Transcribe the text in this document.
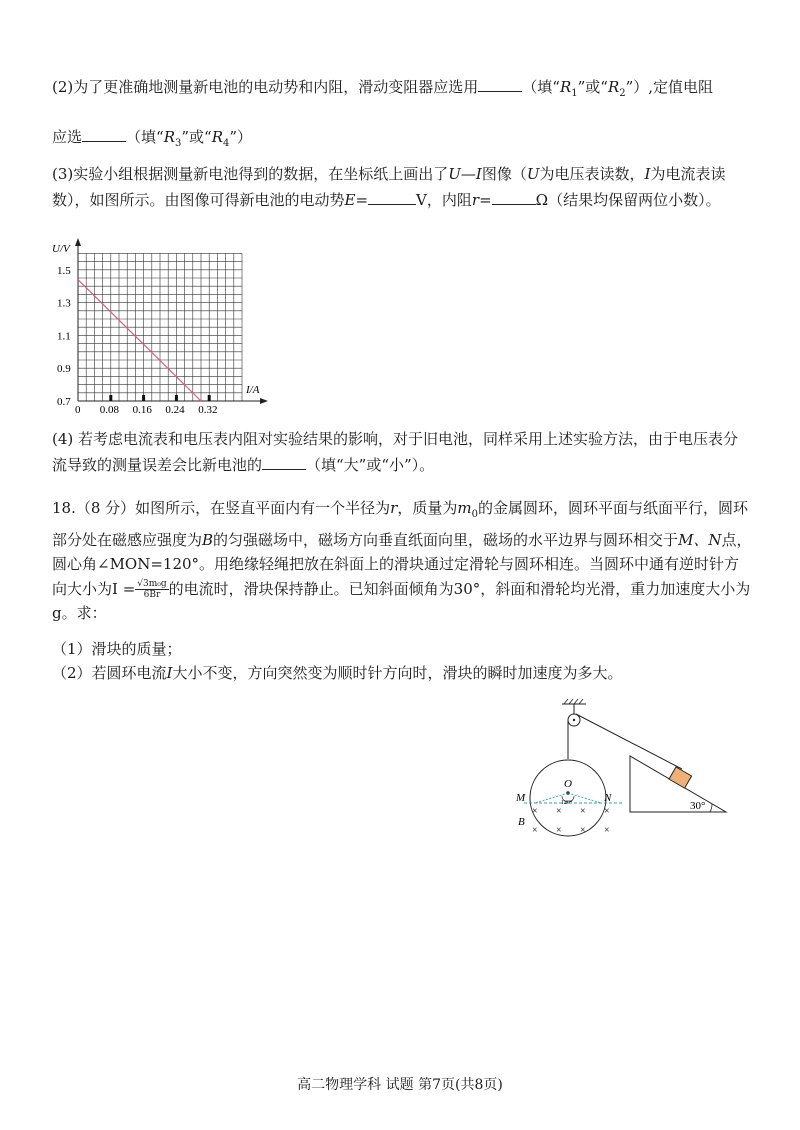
(2)为了更准确地测量新电池的电动势和内阻，滑动变阻器应选用	（填“$R_1$”或“$R_2$”）,定值电阻
应选	（填“$R_3$”或“$R_4$”）
(3)实验小组根据测量新电池得到的数据，在坐标纸上画出了U—I图像（U为电压表读数，I为电流表读数），如图所示。由图像可得新电池的电动势E=	V，内阻r=	Ω（结果均保留两位小数）。
U/V
I/A
1.5
1.3
1.1
0.9
0.7
0 0.08 0.16 0.24 0.32
(4) 若考虑电流表和电压表内阻对实验结果的影响，对于旧电池，同样采用上述实验方法，由于电压表分流导致的测量误差会比新电池的	（填“大”或“小”）。
18.（8 分）如图所示，在竖直平面内有一个半径为r，质量为$m_0$的金属圆环，圆环平面与纸面平行，圆环部分处在磁感应强度为B的匀强磁场中，磁场方向垂直纸面向里，磁场的水平边界与圆环相交于M、N点，圆心角∠MON=120°。用绝缘轻绳把放在斜面上的滑块通过定滑轮与圆环相连。当圆环中通有逆时针方向大小为$I = \frac{\text{√3m₀g}}{6Br}$ 的电流时，滑块保持静止。已知斜面倾角为30°，斜面和滑轮均光滑，重力加速度大小为g。求：
（1）滑块的质量；
（2）若圆环电流I大小不变，方向突然变为顺时针方向时，滑块的瞬时加速度为多大。
O
120°
M	N
B
× × × ×
× × × ×
30°
高二物理学科 试题 第7页(共8页)
